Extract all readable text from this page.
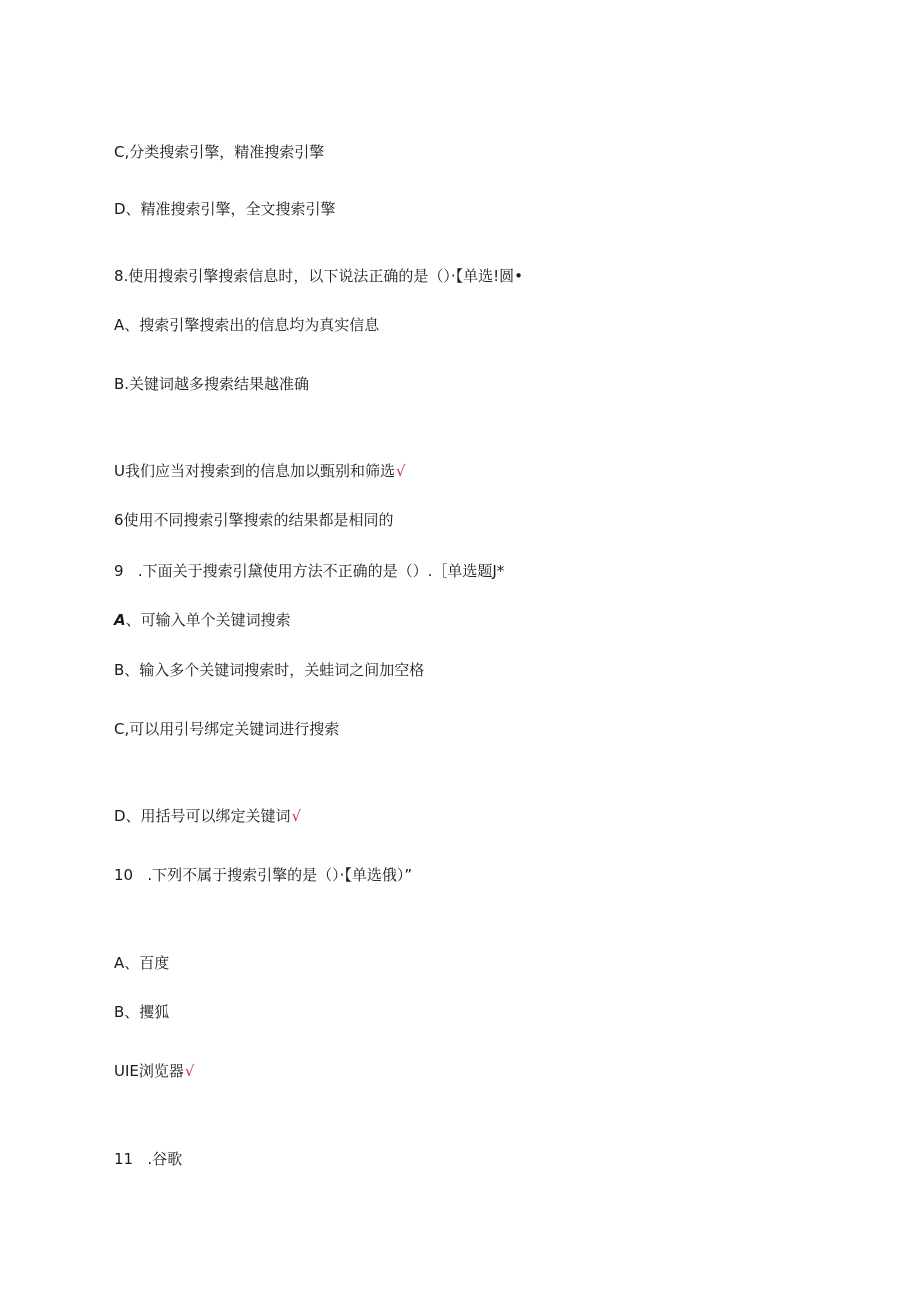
C,分类搜索引擎，精准搜索引擎
D、精准搜索引擎，全文搜索引擎
8.使用搜索引擎搜索信息时，以下说法正确的是（）·【单选!圆•
A、搜索引擎搜索出的信息均为真实信息
B.关键词越多搜索结果越准确
U我们应当对搜索到的信息加以甄别和筛选√
6使用不同搜索引擎搜索的结果都是相同的
9   .下面关于搜索引黛使用方法不正确的是（）.［单选题J*
A、可输入单个关键词搜索
B、输入多个关键词搜索时，关蛙词之间加空格
C,可以用引号绑定关键词进行搜索
D、用括号可以绑定关键词√
10   .下列不属于搜索引擎的是（）·【单选俄）”
A、百度
B、攫狐
UIE浏览器√
11   .谷歌
